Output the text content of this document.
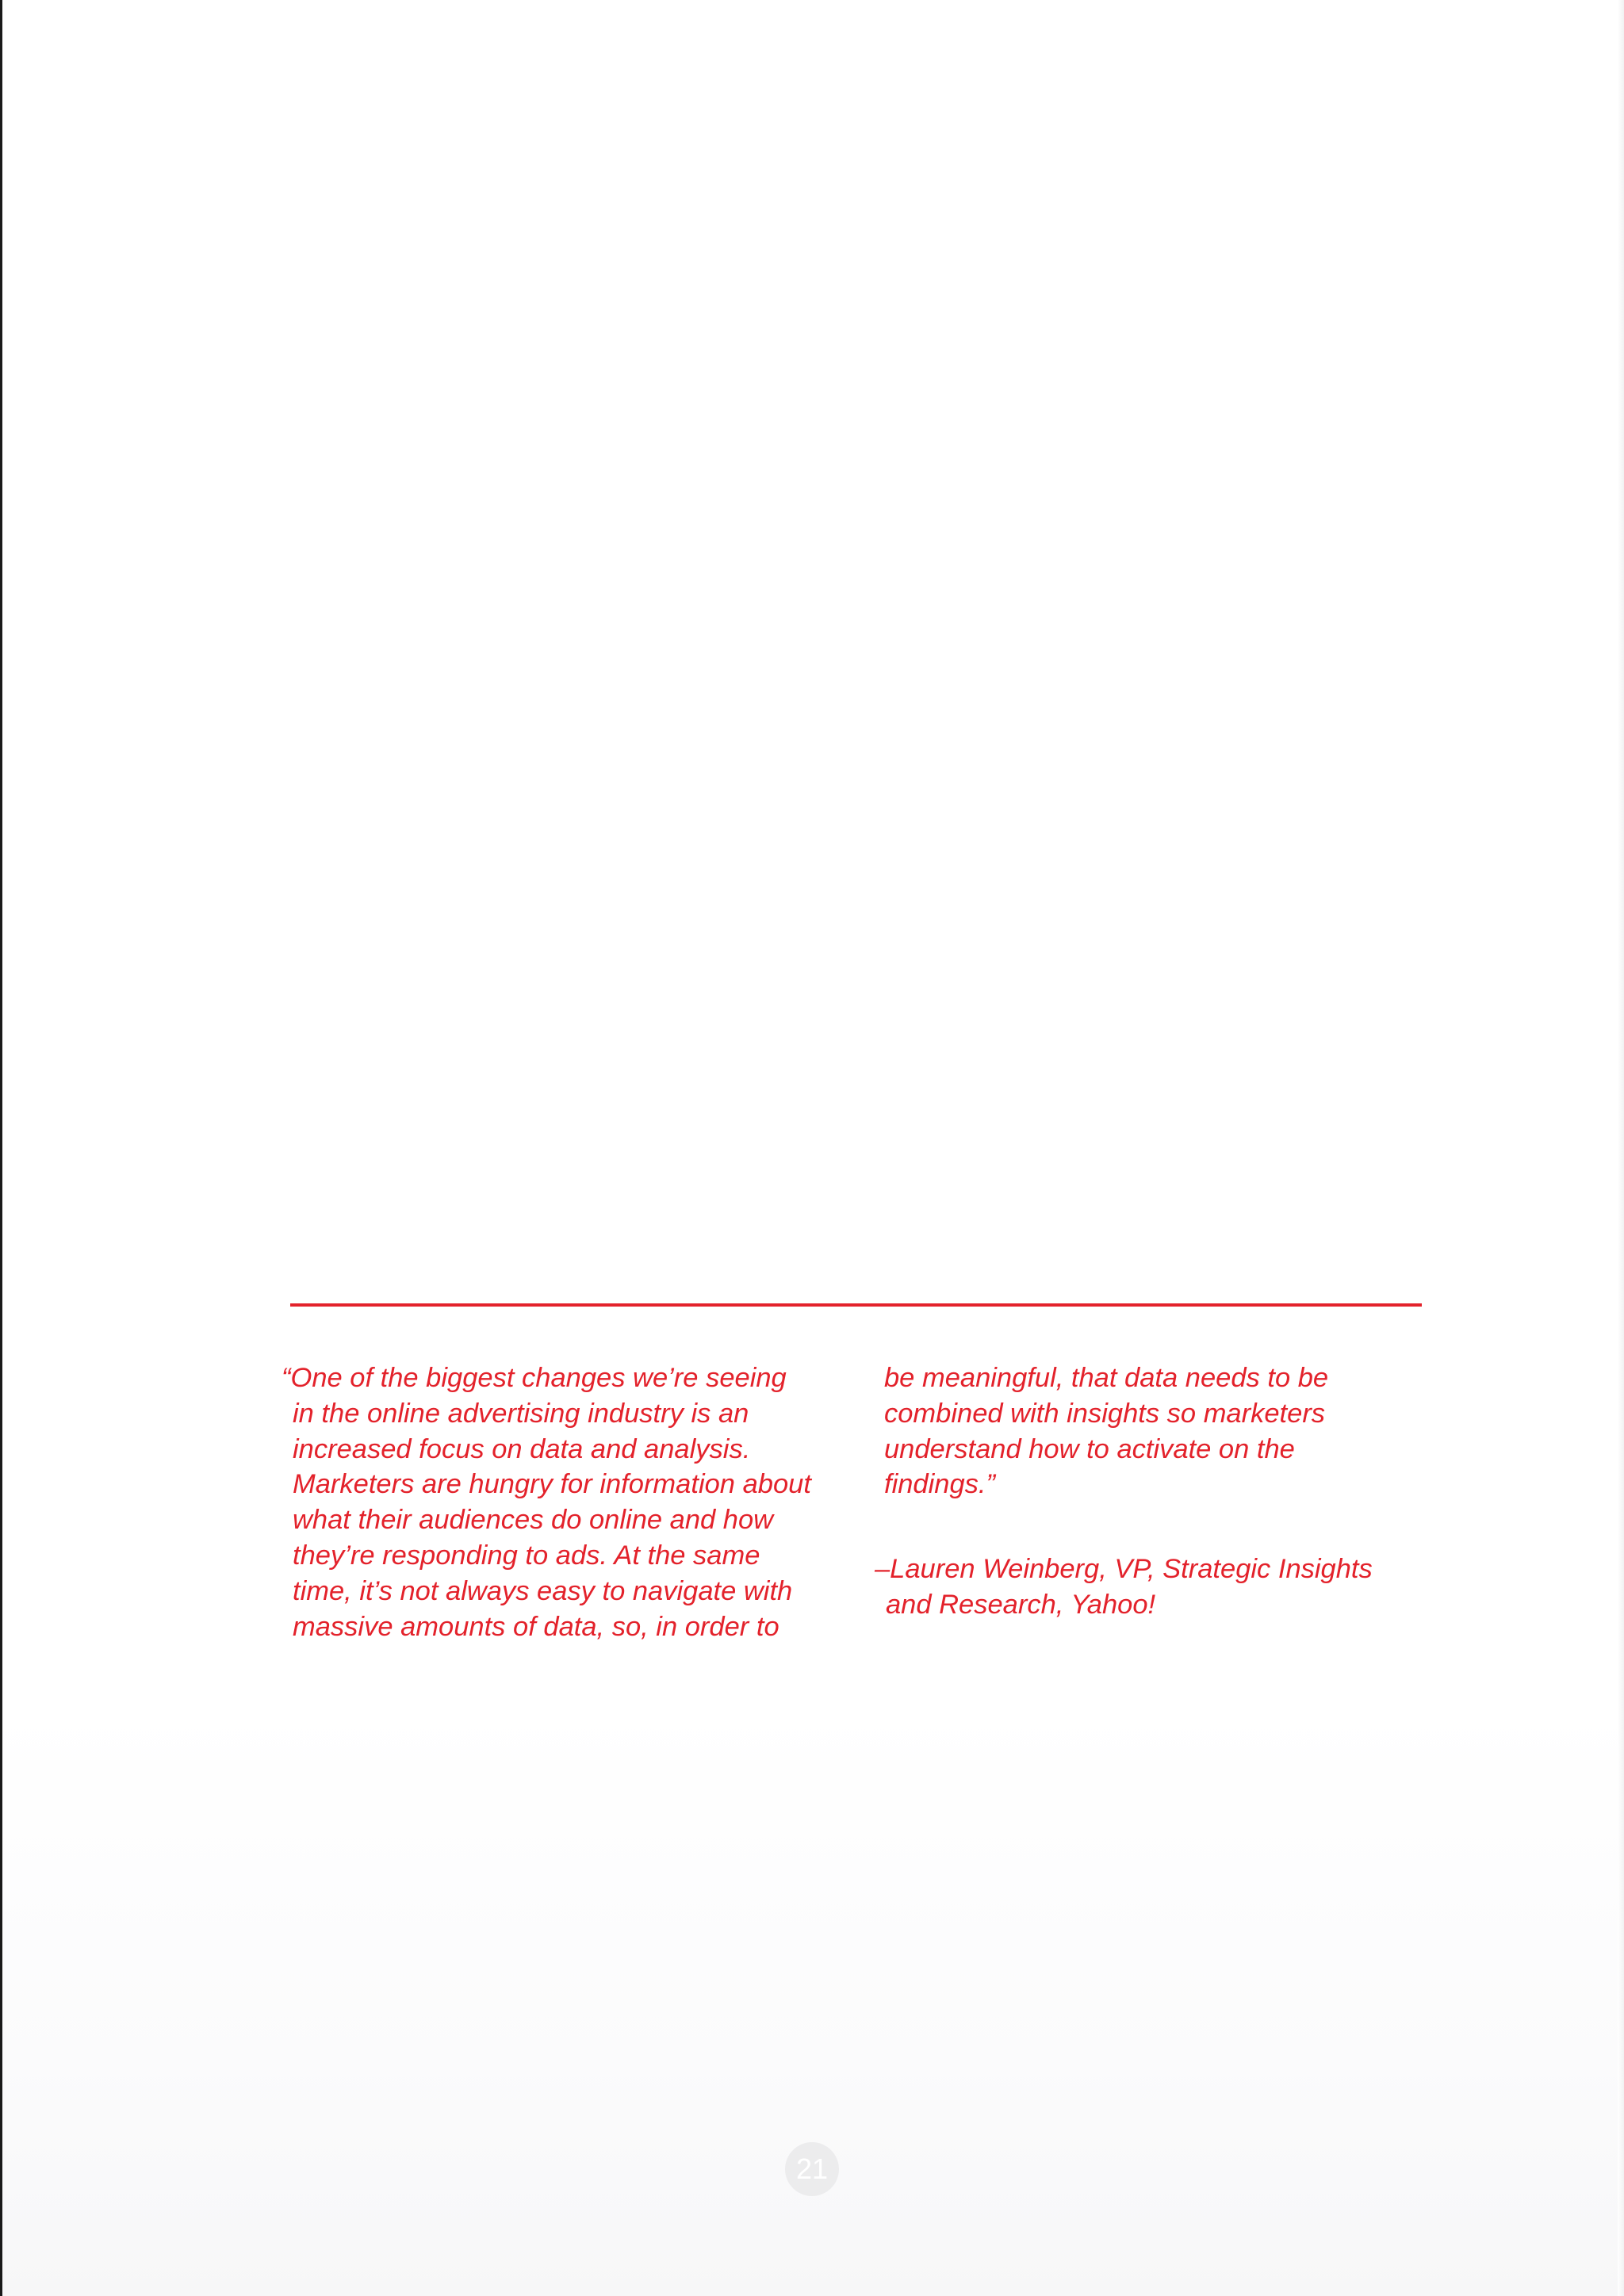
“One of the biggest changes we’re seeing
in the online advertising industry is an
increased focus on data and analysis.
Marketers are hungry for information about
what their audiences do online and how
they’re responding to ads. At the same
time, it’s not always easy to navigate with
massive amounts of data, so, in order to
be meaningful, that data needs to be
combined with insights so marketers
understand how to activate on the
findings.”
–Lauren Weinberg, VP, Strategic Insights
and Research, Yahoo!
21
